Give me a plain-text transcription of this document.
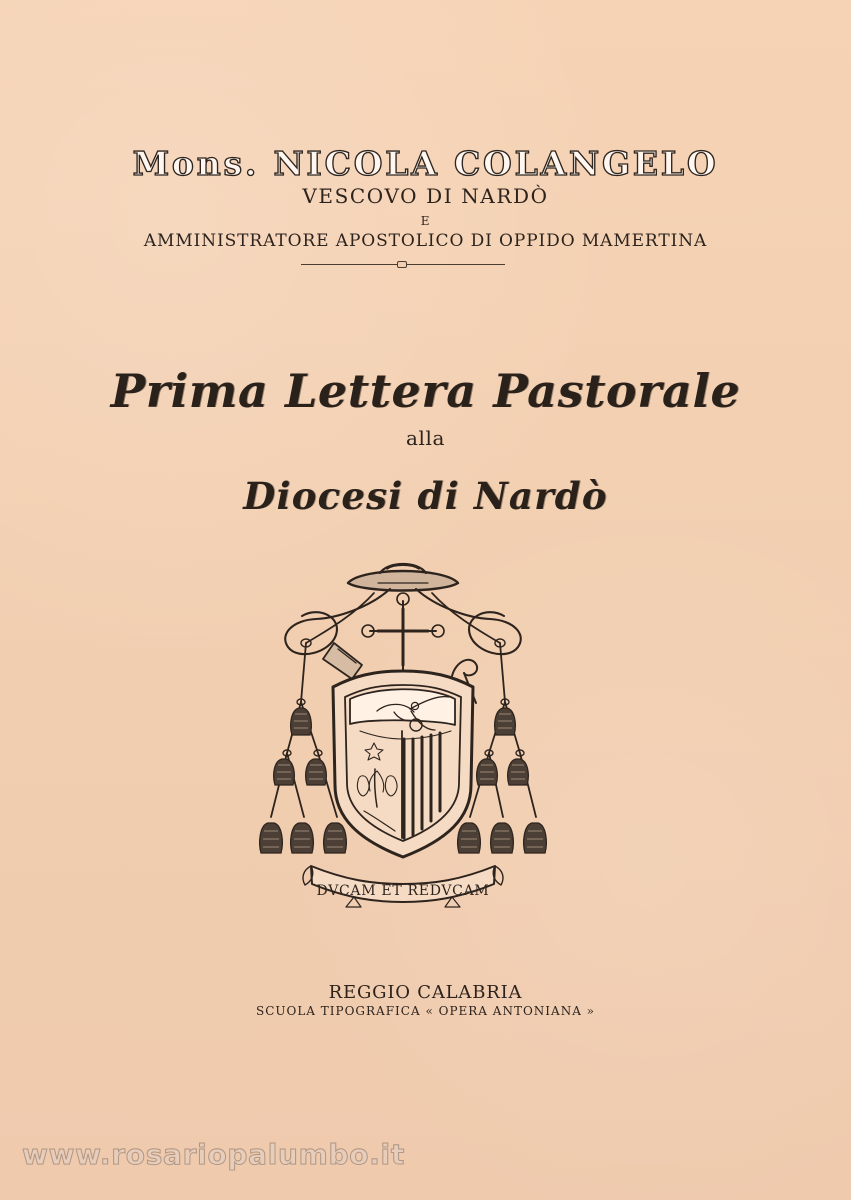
Mons. NICOLA COLANGELO
VESCOVO DI NARDÒ
E
AMMINISTRATORE APOSTOLICO DI OPPIDO MAMERTINA
Prima Lettera Pastorale
alla
Diocesi di Nardò
DVCAM ET REDVCAM
REGGIO CALABRIA
SCUOLA TIPOGRAFICA « OPERA ANTONIANA »
www.rosariopalumbo.it
